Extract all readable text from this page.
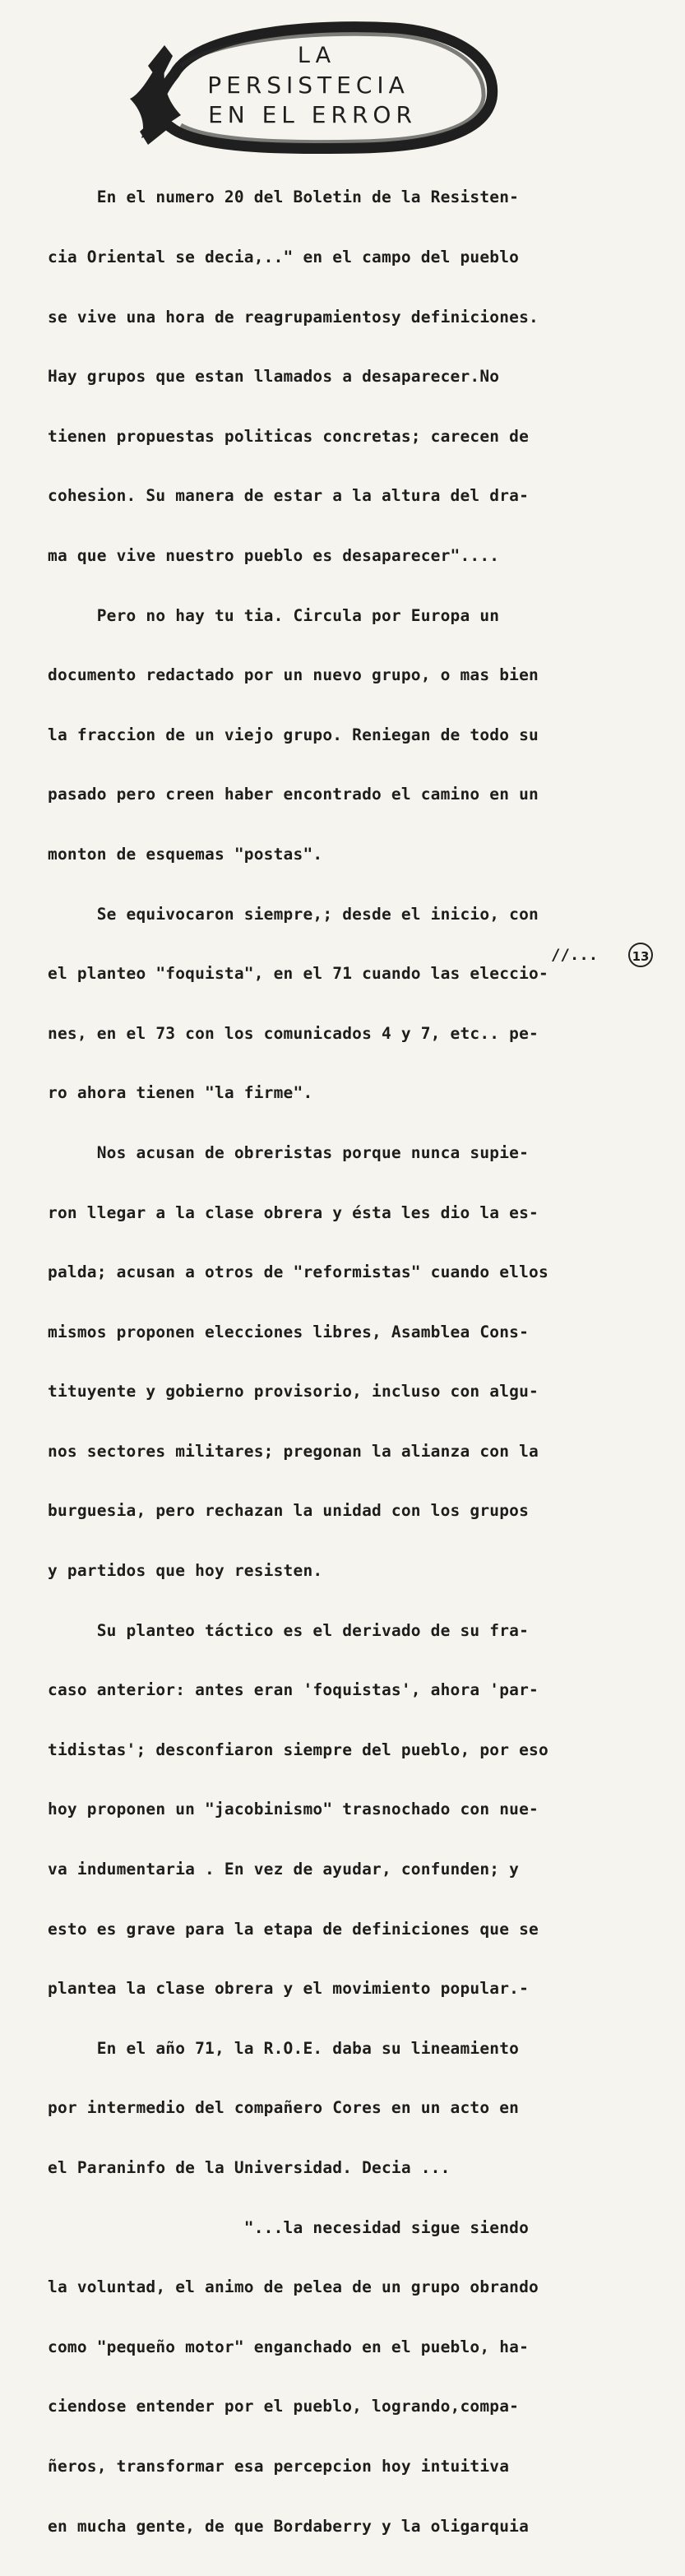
LA
PERSISTECIA
EN EL ERROR

En el numero 20 del Boletin de la Resisten-

cia Oriental se decia,.." en el campo del pueblo

se vive una hora de reagrupamientosy definiciones.

Hay grupos que estan llamados a desaparecer.No

tienen propuestas politicas concretas; carecen de

cohesion. Su manera de estar a la altura del dra-

ma que vive nuestro pueblo es desaparecer"....

Pero no hay tu tia. Circula por Europa un

documento redactado por un nuevo grupo, o mas bien

la fraccion de un viejo grupo. Reniegan de todo su

pasado pero creen haber encontrado el camino en un

monton de esquemas "postas".

Se equivocaron siempre,; desde el inicio, con

el planteo "foquista", en el 71 cuando las eleccio-

nes, en el 73 con los comunicados 4 y 7, etc.. pe-

ro ahora tienen "la firme".

Nos acusan de obreristas porque nunca supie-

ron llegar a la clase obrera y ésta les dio la es-

palda; acusan a otros de "reformistas" cuando ellos

mismos proponen elecciones libres, Asamblea Cons-

tituyente y gobierno provisorio, incluso con algu-

nos sectores militares; pregonan la alianza con la

burguesia, pero rechazan la unidad con los grupos

y partidos que hoy resisten.

Su planteo táctico es el derivado de su fra-

caso anterior: antes eran 'foquistas', ahora 'par-

tidistas'; desconfiaron siempre del pueblo, por eso

hoy proponen un "jacobinismo" trasnochado con nue-

va indumentaria . En vez de ayudar, confunden; y

esto es grave para la etapa de definiciones que se

plantea la clase obrera y el movimiento popular.-

En el año 71, la R.O.E. daba su lineamiento

por intermedio del compañero Cores en un acto en

el Paraninfo de la Universidad. Decia ...

"...la necesidad sigue siendo

la voluntad, el animo de pelea de un grupo obrando

como "pequeño motor" enganchado en el pueblo, ha-

ciendose entender por el pueblo, logrando,compa-

ñeros, transformar esa percepcion hoy intuitiva

en mucha gente, de que Bordaberry y la oligarquia

//...	13
